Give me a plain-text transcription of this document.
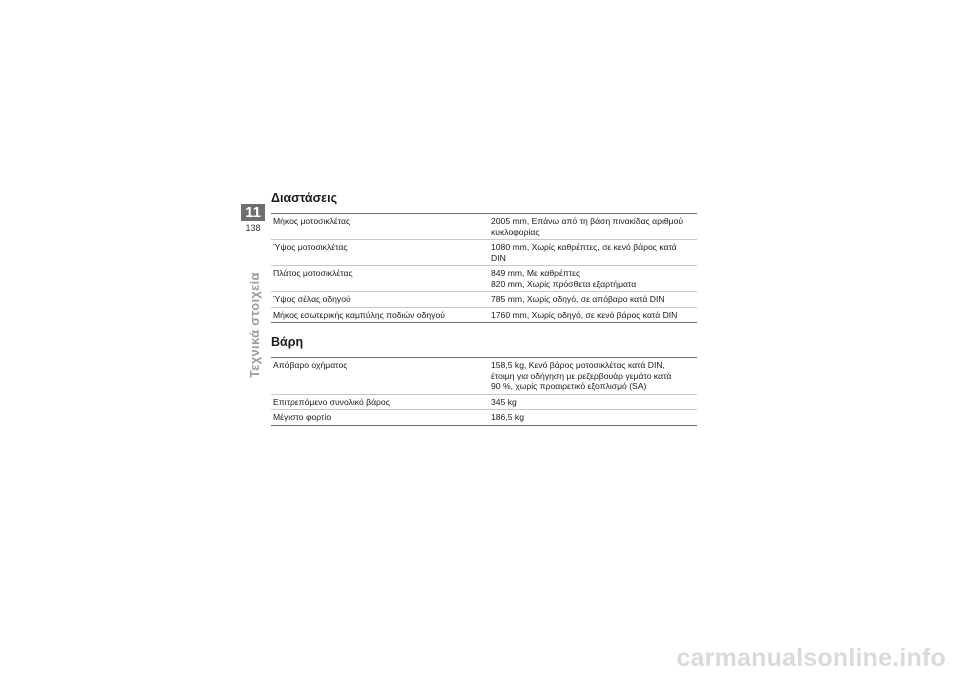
11
138
Τεχνικά στοιχεία
Διαστάσεις
Μήκος μοτοσικλέτας	2005 mm, Επάνω από τη βάση πινακίδας αριθμού
κυκλοφορίας
Ύψος μοτοσικλέτας	1080 mm, Χωρίς καθρέπτες, σε κενό βάρος κατά
DIN
Πλάτος μοτοσικλέτας	849 mm, Με καθρέπτες
820 mm, Χωρίς πρόσθετα εξαρτήματα
Ύψος σέλας οδηγού	785 mm, Χωρίς οδηγό, σε απόβαρο κατά DIN
Μήκος εσωτερικής καμπύλης ποδιών οδηγού	1760 mm, Χωρίς οδηγό, σε κενό βάρος κατά DIN
Βάρη
Απόβαρο οχήματος	158,5 kg, Κενό βάρος μοτοσικλέτας κατά DIN,
έτοιμη για οδήγηση με ρεζερβουάρ γεμάτο κατά
90 %, χωρίς προαιρετικό εξοπλισμό (SA)
Επιτρεπόμενο συνολικό βάρος	345 kg
Μέγιστο φορτίο	186,5 kg
carmanualsonline.info
